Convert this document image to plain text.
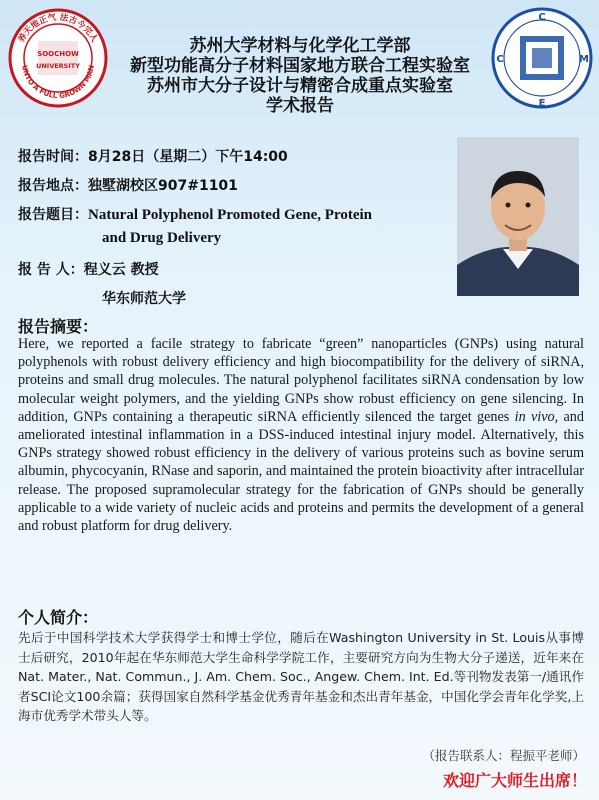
养天地正气 法古今完人
UNTO A FULL GROWN MAN
SOOCHOW
UNIVERSITY
C
M
E
C
苏州大学材料与化学化工学部
新型功能高分子材料国家地方联合工程实验室
苏州市大分子设计与精密合成重点实验室
学术报告
报告时间：8月28日（星期二）下午14:00
报告地点：独墅湖校区907#1101
报告题目：Natural Polyphenol Promoted Gene, Protein
and Drug Delivery
报 告 人：程义云 教授
华东师范大学
报告摘要：
Here, we reported a facile strategy to fabricate “green” nanoparticles (GNPs) using natural polyphenols with robust delivery efficiency and high biocompatibility for the delivery of siRNA, proteins and small drug molecules. The natural polyphenol facilitates siRNA condensation by low molecular weight polymers, and the yielding GNPs show robust efficiency on gene silencing. In addition, GNPs containing a therapeutic siRNA efficiently silenced the target genes in vivo, and ameliorated intestinal inflammation in a DSS-induced intestinal injury model. Alternatively, this GNPs strategy showed robust efficiency in the delivery of various proteins such as bovine serum albumin, phycocyanin, RNase and saporin, and maintained the protein bioactivity after intracellular release. The proposed supramolecular strategy for the fabrication of GNPs should be generally applicable to a wide variety of nucleic acids and proteins and permits the development of a general and robust platform for drug delivery.
个人简介：
先后于中国科学技术大学获得学士和博士学位，随后在Washington University in St. Louis从事博士后研究，2010年起在华东师范大学生命科学学院工作，主要研究方向为生物大分子递送，近年来在Nat. Mater., Nat. Commun., J. Am. Chem. Soc., Angew. Chem. Int. Ed.等刊物发表第一/通讯作者SCI论文100余篇；获得国家自然科学基金优秀青年基金和杰出青年基金，中国化学会青年化学奖,上海市优秀学术带头人等。
（报告联系人：程振平老师）
欢迎广大师生出席！
